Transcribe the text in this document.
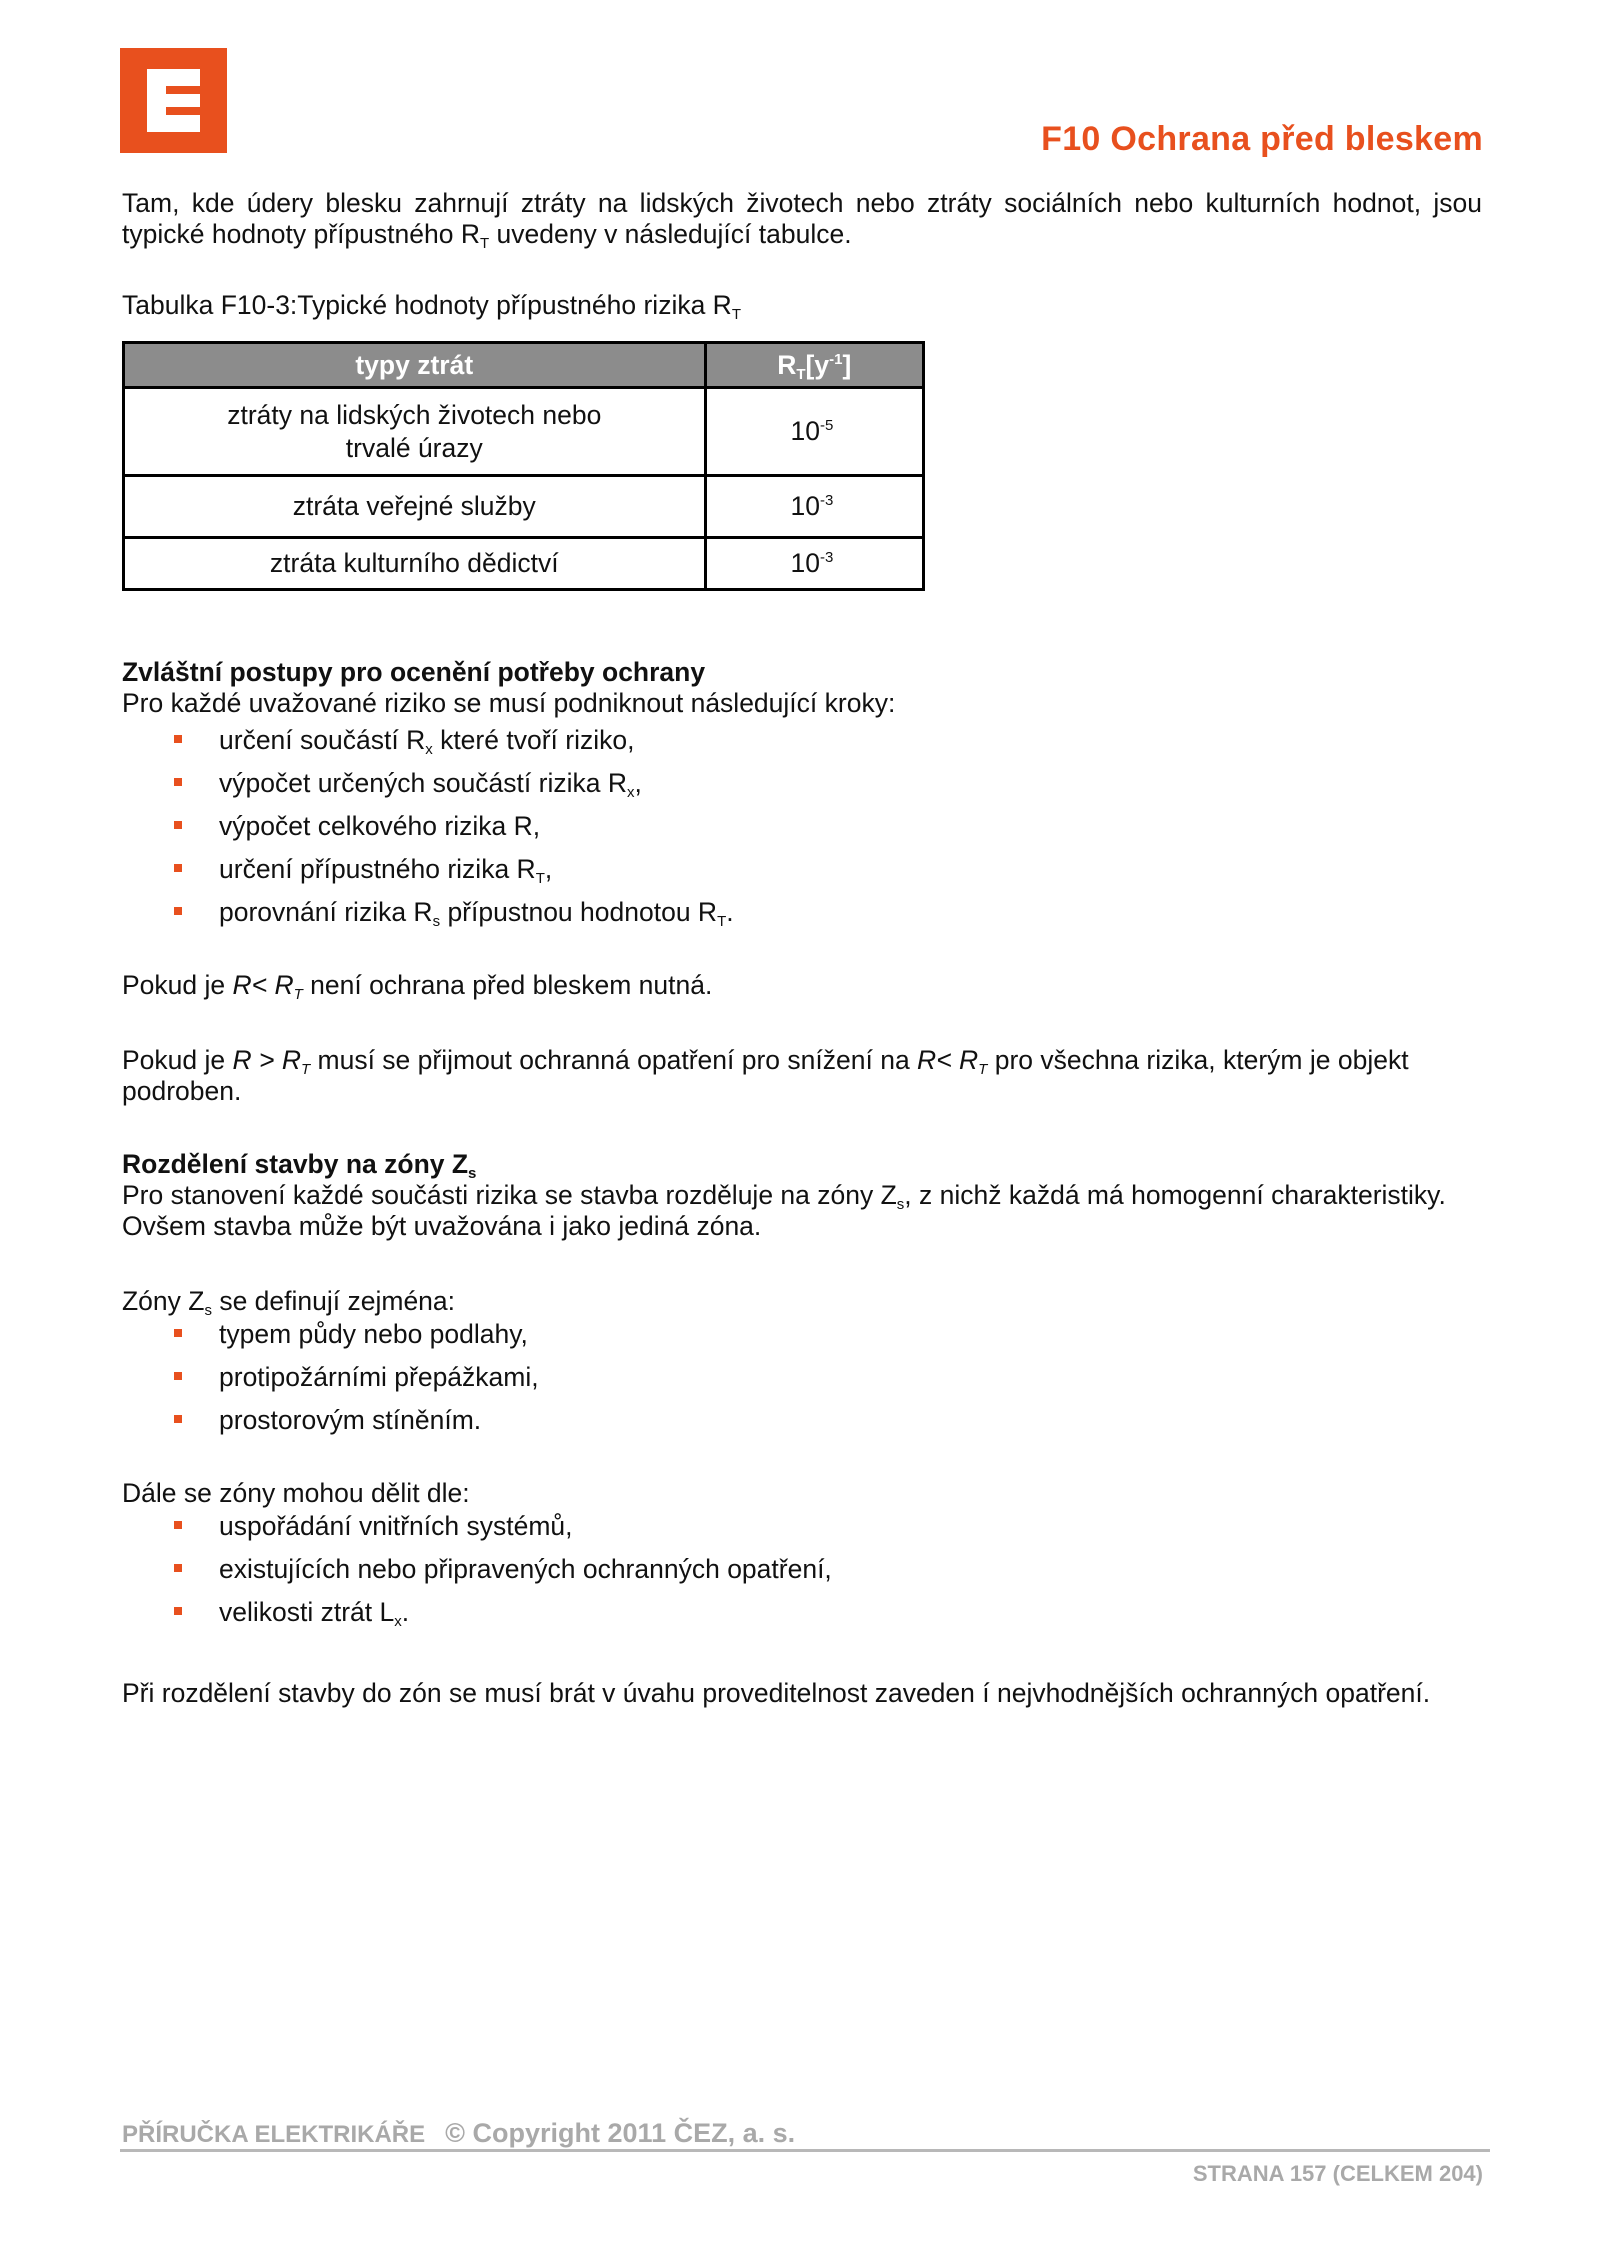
F10 Ochrana před bleskem

Tam, kde údery blesku zahrnují ztráty na lidských životech nebo ztráty sociálních nebo kulturních hodnot, jsou typické hodnoty přípustného $R_T$ uvedeny v následující tabulce.

Tabulka F10-3:Typické hodnoty přípustného rizika $R_T$

typy ztrát	$R_T[y^{-1}]$
ztráty na lidských životech nebo trvalé úrazy	$10^{-5}$
ztráta veřejné služby	$10^{-3}$
ztráta kulturního dědictví	$10^{-3}$

Zvláštní postupy pro ocenění potřeby ochrany

Pro každé uvažované riziko se musí podniknout následující kroky:

určení součástí $R_x$ které tvoří riziko,
výpočet určených součástí rizika $R_x$,
výpočet celkového rizika R,
určení přípustného rizika $R_T$,
porovnání rizika $R_s$ přípustnou hodnotou $R_T$.

Pokud je $R< R_T$ není ochrana před bleskem nutná.

Pokud je $R > R_T$ musí se přijmout ochranná opatření pro snížení na $R< R_T$ pro všechna rizika, kterým je objekt podroben.

Rozdělení stavby na zóny $Z_s$

Pro stanovení každé součásti rizika se stavba rozděluje na zóny $Z_s$, z nichž každá má homogenní charakteristiky. Ovšem stavba může být uvažována i jako jediná zóna.

Zóny $Z_s$ se definují zejména:

typem půdy nebo podlahy,
protipožárními přepážkami,
prostorovým stíněním.

Dále se zóny mohou dělit dle:

uspořádání vnitřních systémů,
existujících nebo připravených ochranných opatření,
velikosti ztrát $L_x$.

Při rozdělení stavby do zón se musí brát v úvahu proveditelnost zaveden í nejvhodnějších ochranných opatření.

PŘÍRUČKA ELEKTRIKÁŘE © Copyright 2011 ČEZ, a. s.
STRANA 157 (CELKEM 204)
